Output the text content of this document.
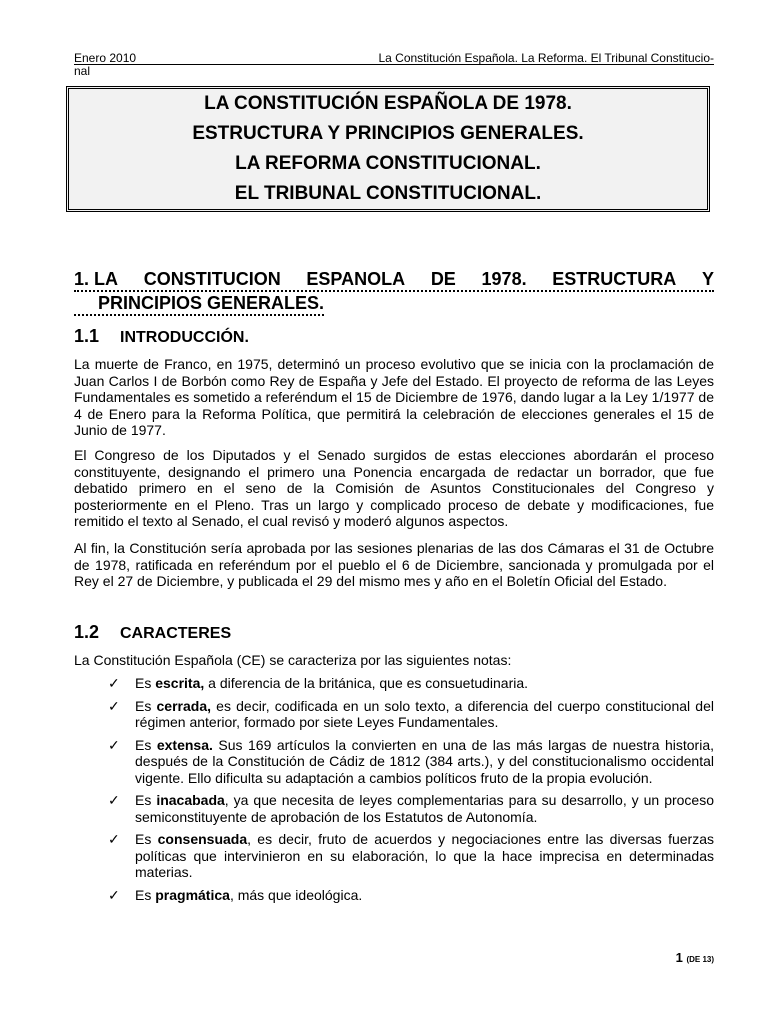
Enero 2010	La Constitución Española. La Reforma. El Tribunal Constitucio-
nal
LA CONSTITUCIÓN ESPAÑOLA DE 1978.
ESTRUCTURA Y PRINCIPIOS GENERALES.
LA REFORMA CONSTITUCIONAL.
EL TRIBUNAL CONSTITUCIONAL.
1. LA CONSTITUCION ESPANOLA DE 1978. ESTRUCTURA Y
PRINCIPIOS GENERALES.
1.1 INTRODUCCIÓN.
La muerte de Franco, en 1975, determinó un proceso evolutivo que se inicia con la proclamación de Juan Carlos I de Borbón como Rey de España y Jefe del Estado. El proyecto de reforma de las Leyes Fundamentales es sometido a referéndum el 15 de Diciembre de 1976, dando lugar a la Ley 1/1977 de 4 de Enero para la Reforma Política, que permitirá la celebración de elecciones generales el 15 de Junio de 1977.
El Congreso de los Diputados y el Senado surgidos de estas elecciones abordarán el proceso constituyente, designando el primero una Ponencia encargada de redactar un borrador, que fue debatido primero en el seno de la Comisión de Asuntos Constitucionales del Congreso y posteriormente en el Pleno. Tras un largo y complicado proceso de debate y modificaciones, fue remitido el texto al Senado, el cual revisó y moderó algunos aspectos.
Al fin, la Constitución sería aprobada por las sesiones plenarias de las dos Cámaras el 31 de Octubre de 1978, ratificada en referéndum por el pueblo el 6 de Diciembre, sancionada y promulgada por el Rey el 27 de Diciembre, y publicada el 29 del mismo mes y año en el Boletín Oficial del Estado.
1.2 CARACTERES
La Constitución Española (CE) se caracteriza por las siguientes notas:
✓ Es escrita, a diferencia de la británica, que es consuetudinaria.
✓ Es cerrada, es decir, codificada en un solo texto, a diferencia del cuerpo constitucional del régimen anterior, formado por siete Leyes Fundamentales.
✓ Es extensa. Sus 169 artículos la convierten en una de las más largas de nuestra historia, después de la Constitución de Cádiz de 1812 (384 arts.), y del constitucionalismo occidental vigente. Ello dificulta su adaptación a cambios políticos fruto de la propia evolución.
✓ Es inacabada, ya que necesita de leyes complementarias para su desarrollo, y un proceso semiconstituyente de aprobación de los Estatutos de Autonomía.
✓ Es consensuada, es decir, fruto de acuerdos y negociaciones entre las diversas fuerzas políticas que intervinieron en su elaboración, lo que la hace imprecisa en determinadas materias.
✓ Es pragmática, más que ideológica.
1 (DE 13)
